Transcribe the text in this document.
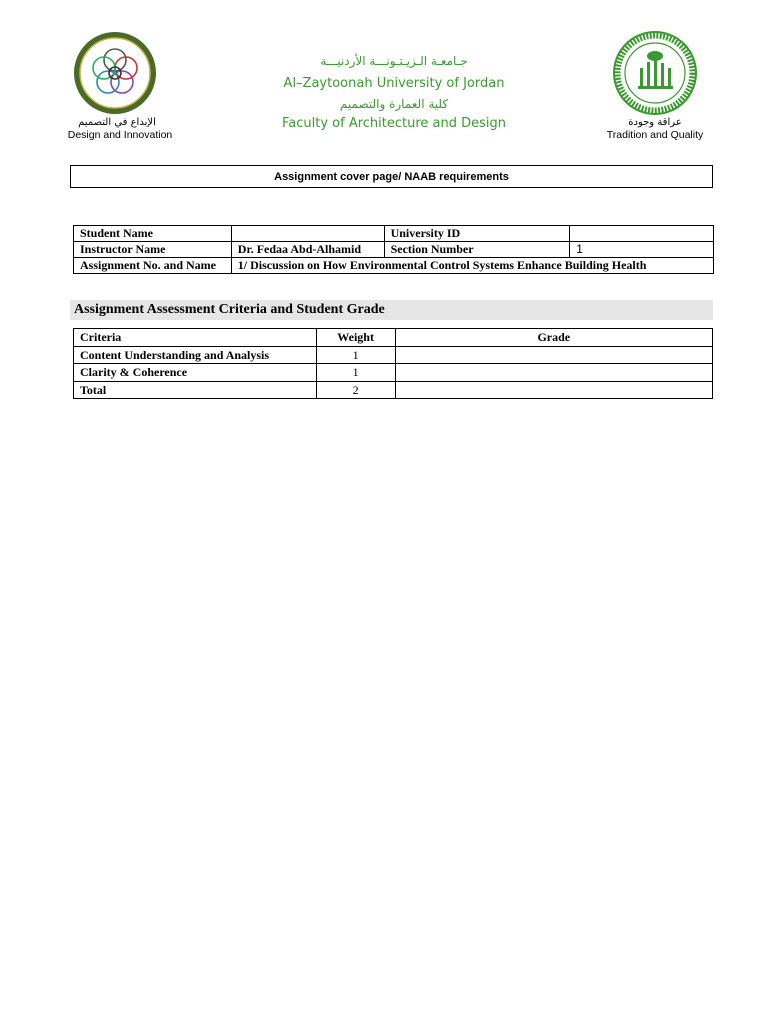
الإبداع في التصميم
Design and Innovation
جـامعـة الـزيـتـونـــة الأردنيـــة
Al–Zaytoonah University of Jordan
كلية العمارة والتصميم
Faculty of Architecture and Design	عراقة وجودة
Tradition and Quality
Assignment cover page/ NAAB requirements
Student Name		University ID	
Instructor Name	Dr. Fedaa Abd-Alhamid	Section Number	1
Assignment No. and Name	1/ Discussion on How Environmental Control Systems Enhance Building Health		
Assignment Assessment Criteria and Student Grade
Criteria	Weight	Grade
Content Understanding and Analysis	1	
Clarity & Coherence	1	
Total	2	
